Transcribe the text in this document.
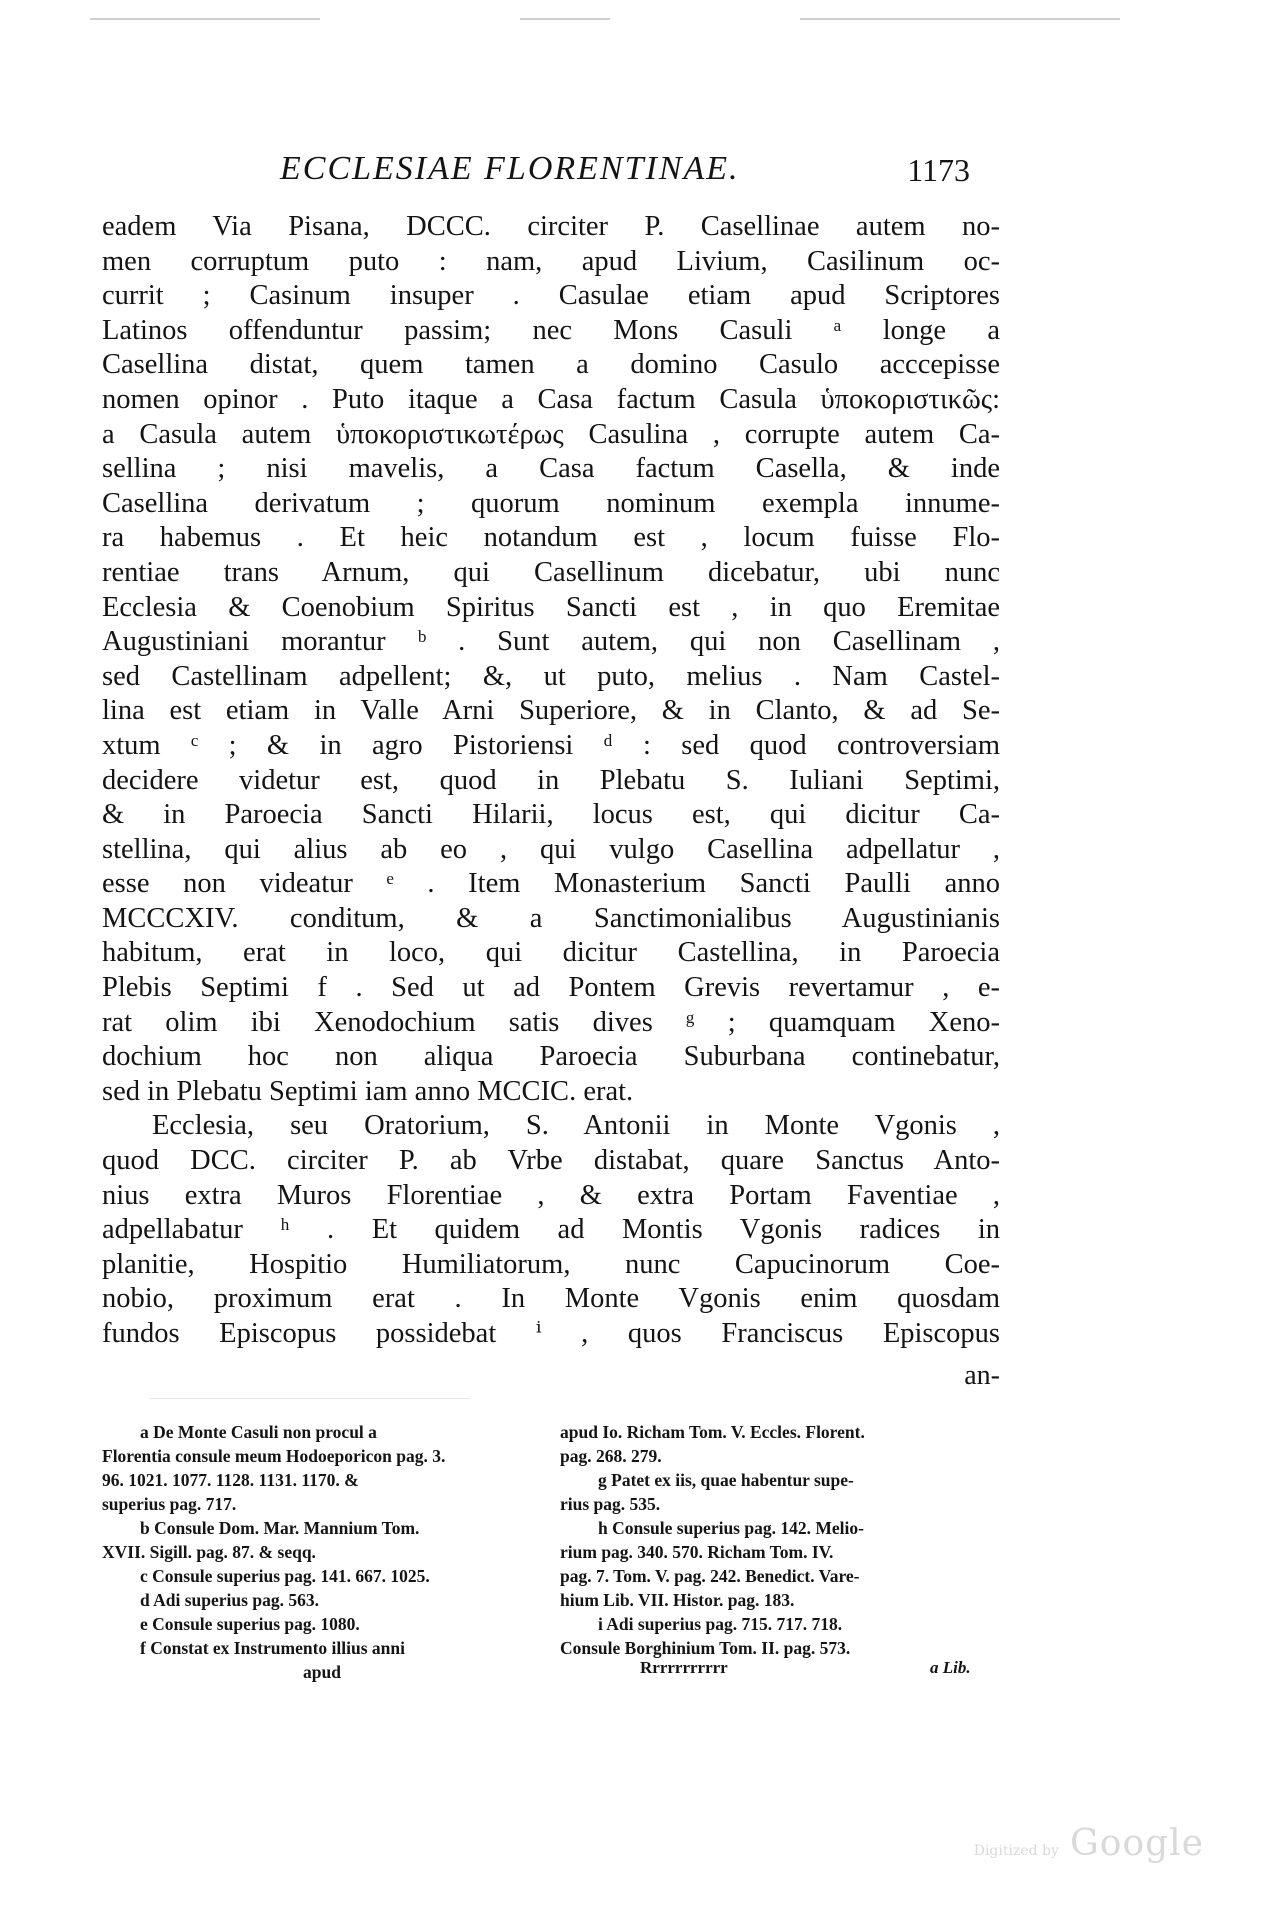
ECCLESIAE FLORENTINAE.	1173
eadem Via Pisana, DCCC. circiter P. Casellinae autem no-
men corruptum puto : nam, apud Livium, Casilinum oc-
currit ; Casinum insuper . Casulae etiam apud Scriptores
Latinos offenduntur passim; nec Mons Casuli ᵃ longe a
Casellina distat, quem tamen a domino Casulo acccepisse
nomen opinor . Puto itaque a Casa factum Casula ὑποκοριστικῶς:
a Casula autem ὑποκοριστικωτέρως Casulina , corrupte autem Ca-
sellina ; nisi mavelis, a Casa factum Casella, & inde
Casellina derivatum ; quorum nominum exempla innume-
ra habemus . Et heic notandum est , locum fuisse Flo-
rentiae trans Arnum, qui Casellinum dicebatur, ubi nunc
Ecclesia & Coenobium Spiritus Sancti est , in quo Eremitae
Augustiniani morantur ᵇ . Sunt autem, qui non Casellinam ,
sed Castellinam adpellent; &, ut puto, melius . Nam Castel-
lina est etiam in Valle Arni Superiore, & in Clanto, & ad Se-
xtum ᶜ ; & in agro Pistoriensi ᵈ : sed quod controversiam
decidere videtur est, quod in Plebatu S. Iuliani Septimi,
& in Paroecia Sancti Hilarii, locus est, qui dicitur Ca-
stellina, qui alius ab eo , qui vulgo Casellina adpellatur ,
esse non videatur ᵉ . Item Monasterium Sancti Paulli anno
MCCCXIV. conditum, & a Sanctimonialibus Augustinianis
habitum, erat in loco, qui dicitur Castellina, in Paroecia
Plebis Septimi f . Sed ut ad Pontem Grevis revertamur , e-
rat olim ibi Xenodochium satis dives ᵍ ; quamquam Xeno-
dochium hoc non aliqua Paroecia Suburbana continebatur,
sed in Plebatu Septimi iam anno MCCIC. erat.
Ecclesia, seu Oratorium, S. Antonii in Monte Vgonis ,
quod DCC. circiter P. ab Vrbe distabat, quare Sanctus Anto-
nius extra Muros Florentiae , & extra Portam Faventiae ,
adpellabatur ʰ . Et quidem ad Montis Vgonis radices in
planitie, Hospitio Humiliatorum, nunc Capucinorum Coe-
nobio, proximum erat . In Monte Vgonis enim quosdam
fundos Episcopus possidebat ⁱ , quos Franciscus Episcopus
an-
a De Monte Casuli non procul a
Florentia consule meum Hodoeporicon pag. 3.
96. 1021. 1077. 1128. 1131. 1170. &
superius pag. 717.
b Consule Dom. Mar. Mannium Tom.
XVII. Sigill. pag. 87. & seqq.
c Consule superius pag. 141. 667. 1025.
d Adi superius pag. 563.
e Consule superius pag. 1080.
f Constat ex Instrumento illius anni
apud
apud Io. Richam Tom. V. Eccles. Florent.
pag. 268. 279.
g Patet ex iis, quae habentur supe-
rius pag. 535.
h Consule superius pag. 142. Melio-
rium pag. 340. 570. Richam Tom. IV.
pag. 7. Tom. V. pag. 242. Benedict. Vare-
hium Lib. VII. Histor. pag. 183.
i Adi superius pag. 715. 717. 718.
Consule Borghinium Tom. II. pag. 573.
Rrrrrrrrrrr	a Lib.
Digitized by Google
